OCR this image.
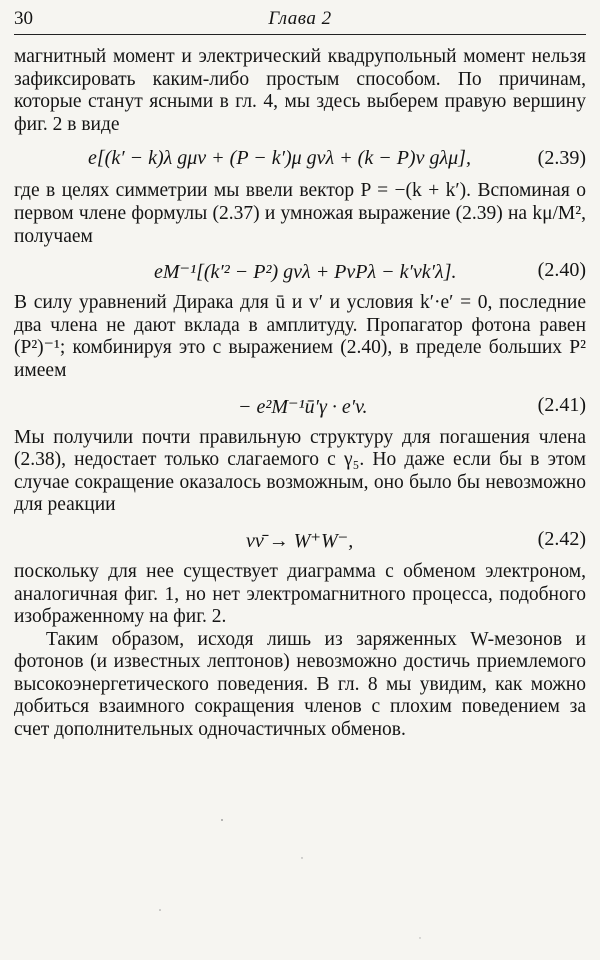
30	Глава 2

магнитный момент и электрический квадрупольный момент нельзя зафиксировать каким-либо простым способом. По причинам, которые станут ясными в гл. 4, мы здесь выберем правую вершину фиг. 2 в виде

e[(k′ − k)λ gμν + (P − k′)μ gνλ + (k − P)ν gλμ],	(2.39)

где в целях симметрии мы ввели вектор P = −(k + k′). Вспоминая о первом члене формулы (2.37) и умножая выражение (2.39) на kμ/M², получаем

eM⁻¹[(k′² − P²) gνλ + PνPλ − k′νk′λ].	(2.40)

В силу уравнений Дирака для ū и v′ и условия k′·e′ = 0, последние два члена не дают вклада в амплитуду. Пропагатор фотона равен (P²)⁻¹; комбинируя это с выражением (2.40), в пределе больших P² имеем

− e²M⁻¹ū′γ · e′v.	(2.41)

Мы получили почти правильную структуру для погашения члена (2.38), недостает только слагаемого с γ₅. Но даже если бы в этом случае сокращение оказалось возможным, оно было бы невозможно для реакции

νν̄ → W⁺W⁻,	(2.42)

поскольку для нее существует диаграмма с обменом электроном, аналогичная фиг. 1, но нет электромагнитного процесса, подобного изображенному на фиг. 2.

Таким образом, исходя лишь из заряженных W-мезонов и фотонов (и известных лептонов) невозможно достичь приемлемого высокоэнергетического поведения. В гл. 8 мы увидим, как можно добиться взаимного сокращения членов с плохим поведением за счет дополнительных одночастичных обменов.
